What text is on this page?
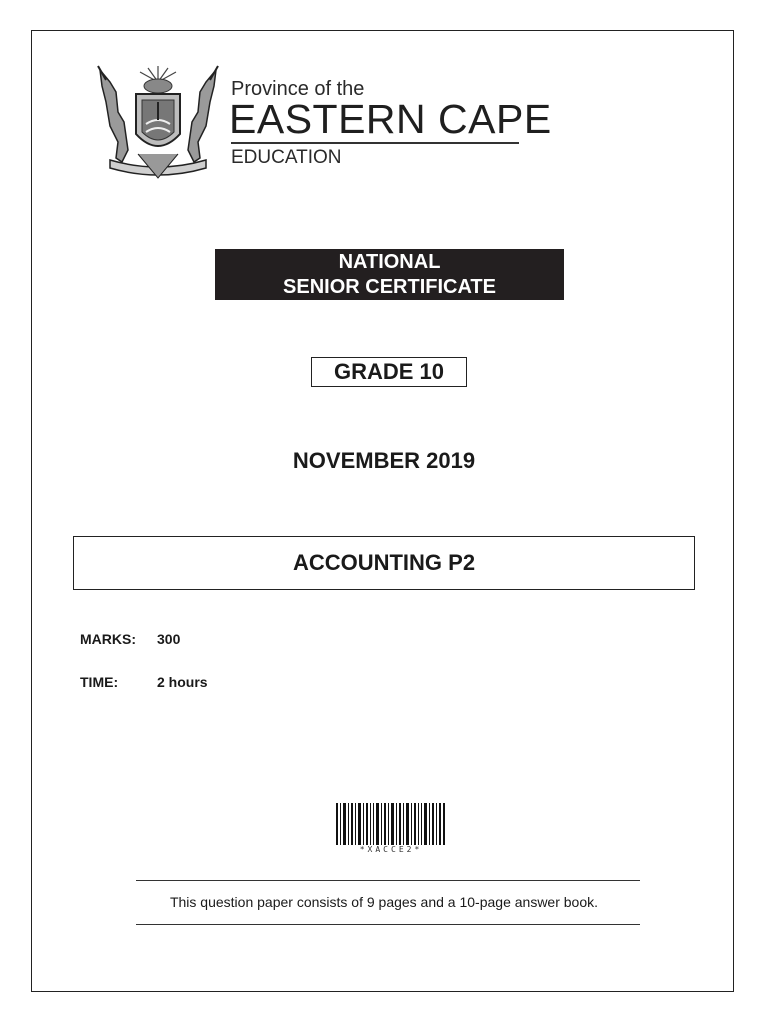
Province of the
EASTERN CAPE
EDUCATION
NATIONAL
SENIOR CERTIFICATE
GRADE 10
NOVEMBER 2019
ACCOUNTING P2
MARKS: 300
TIME:	2 hours
*XACCE2*
This question paper consists of 9 pages and a 10-page answer book.
